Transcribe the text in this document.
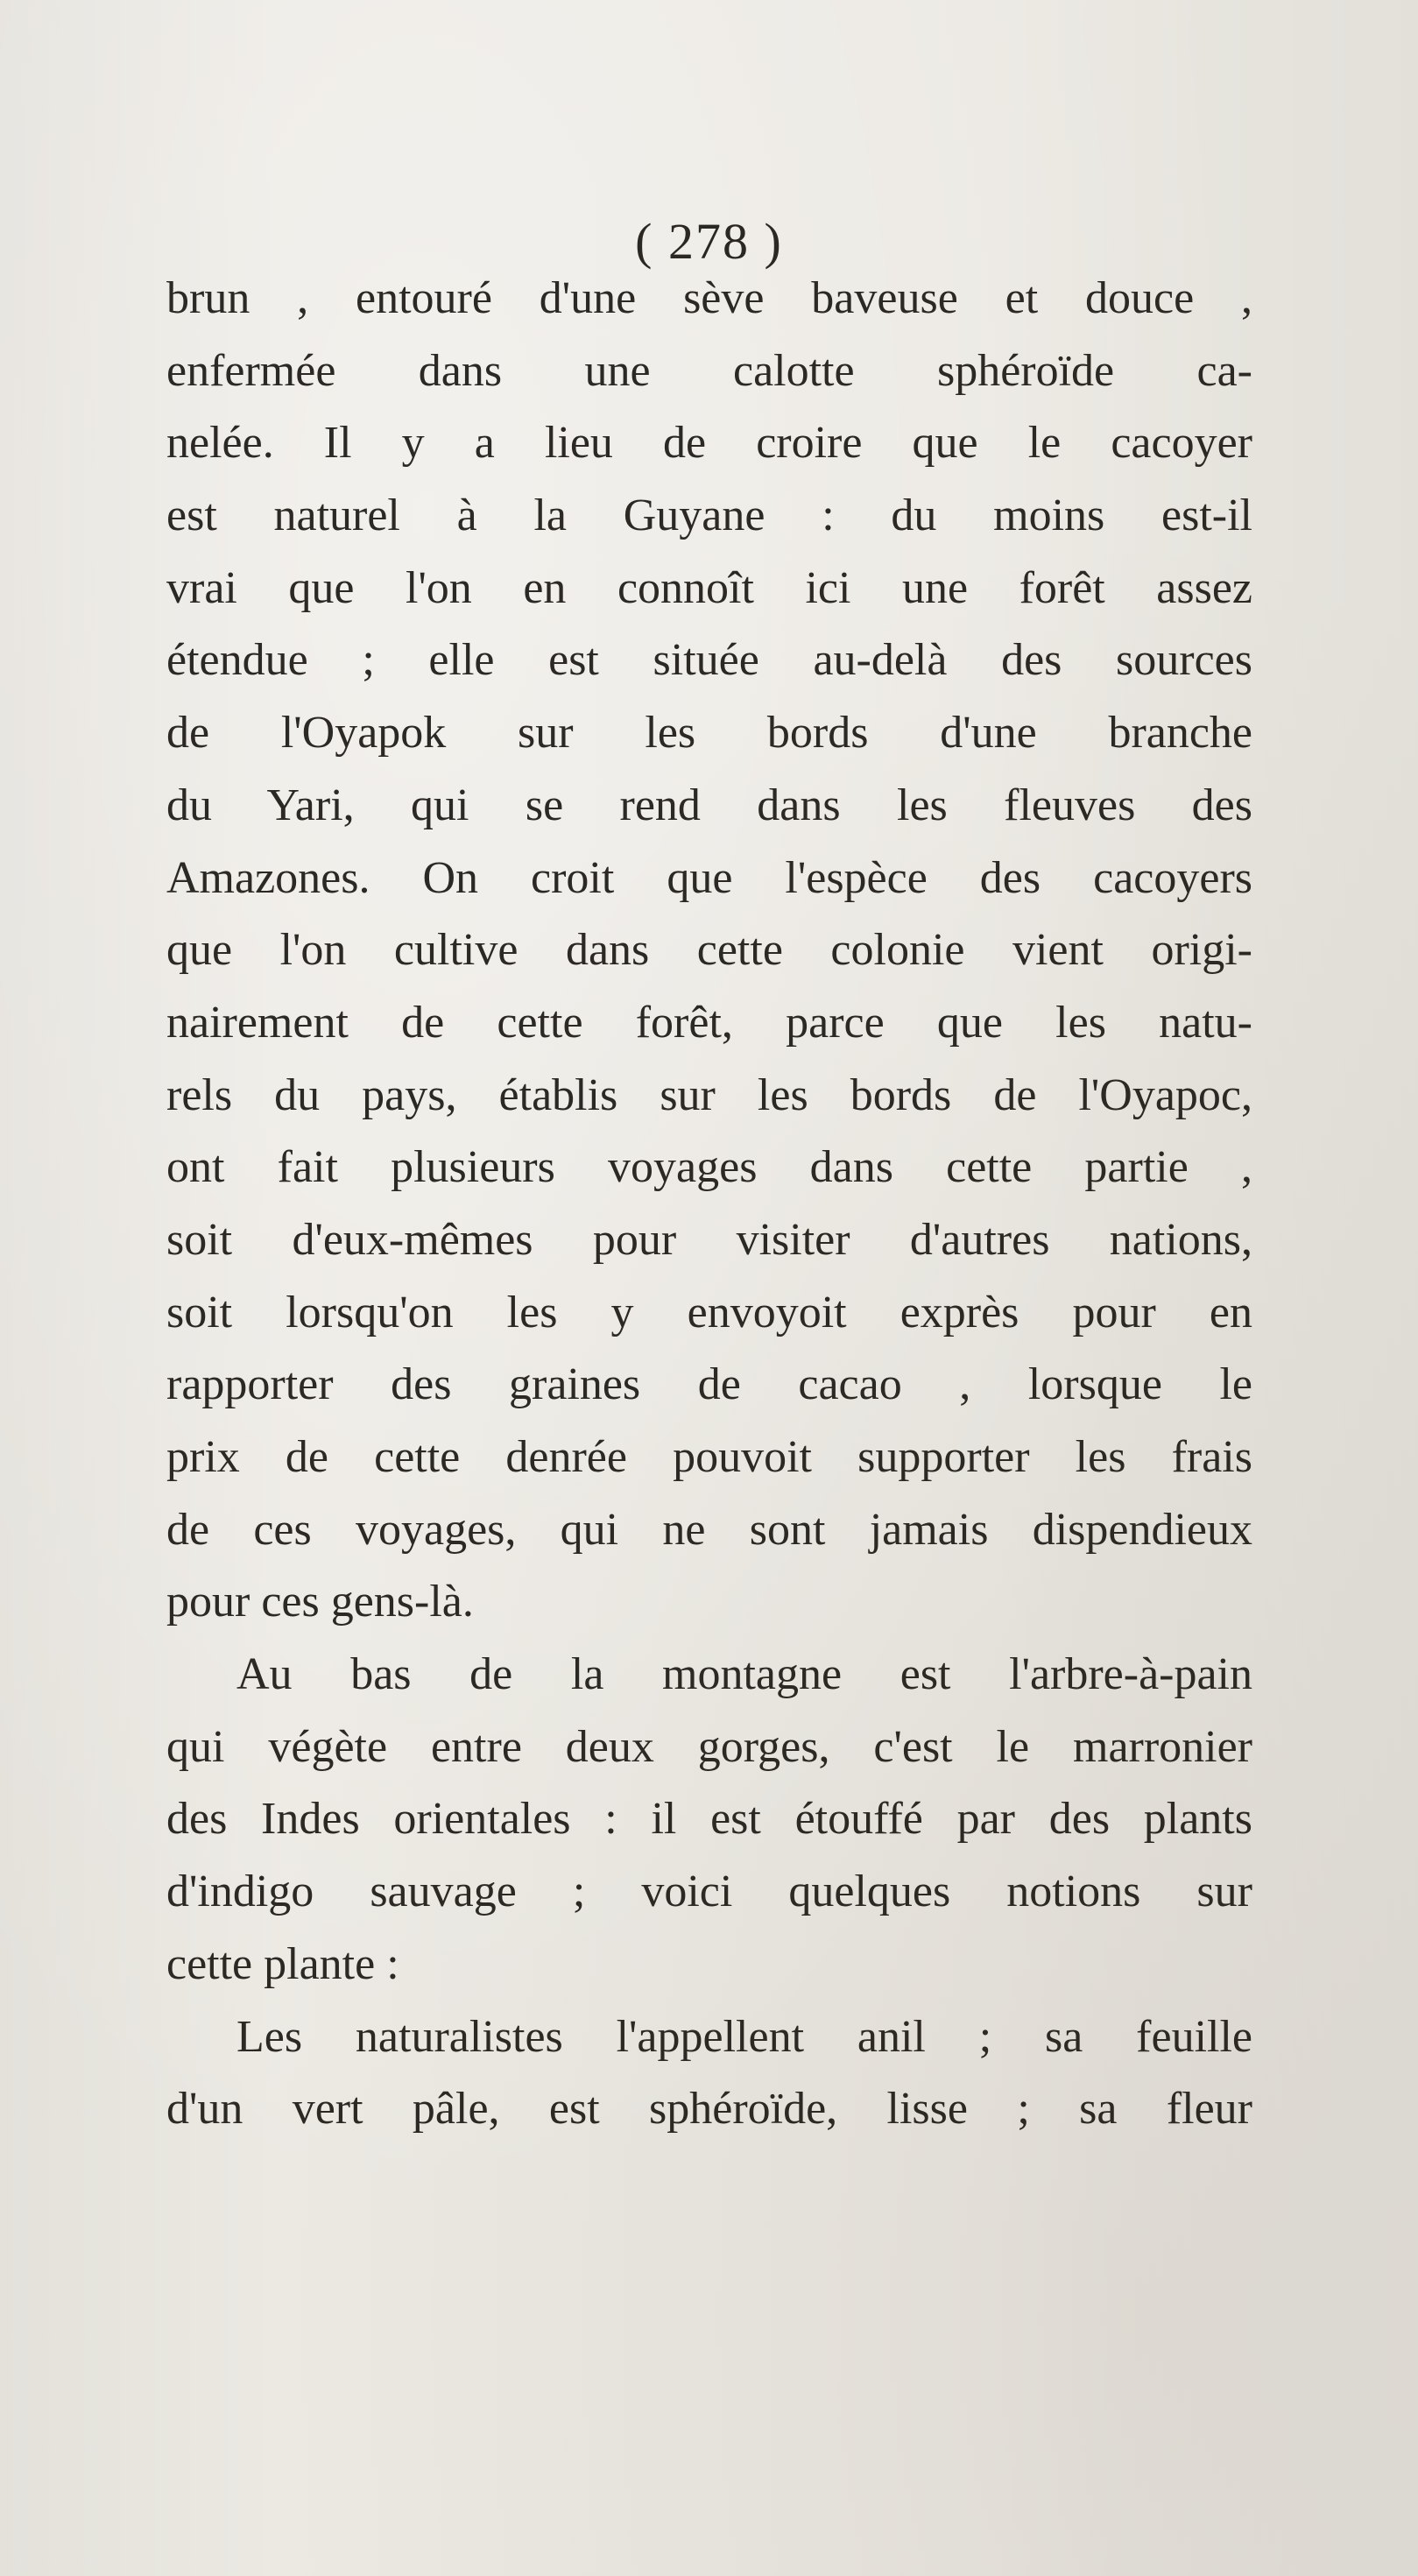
( 278 )
brun , entouré d'une sève baveuse et douce ,
enfermée dans une calotte sphéroïde ca-
nelée. Il y a lieu de croire que le cacoyer
est naturel à la Guyane : du moins est-il
vrai que l'on en connoît ici une forêt assez
étendue ; elle est située au-delà des sources
de l'Oyapok sur les bords d'une branche
du Yari, qui se rend dans les fleuves des
Amazones. On croit que l'espèce des cacoyers
que l'on cultive dans cette colonie vient origi-
nairement de cette forêt, parce que les natu-
rels du pays, établis sur les bords de l'Oyapoc,
ont fait plusieurs voyages dans cette partie ,
soit d'eux-mêmes pour visiter d'autres nations,
soit lorsqu'on les y envoyoit exprès pour en
rapporter des graines de cacao , lorsque le
prix de cette denrée pouvoit supporter les frais
de ces voyages, qui ne sont jamais dispendieux
pour ces gens-là.
Au bas de la montagne est l'arbre-à-pain
qui végète entre deux gorges, c'est le marronier
des Indes orientales : il est étouffé par des plants
d'indigo sauvage ; voici quelques notions sur
cette plante :
Les naturalistes l'appellent anil ; sa feuille
d'un vert pâle, est sphéroïde, lisse ; sa fleur
